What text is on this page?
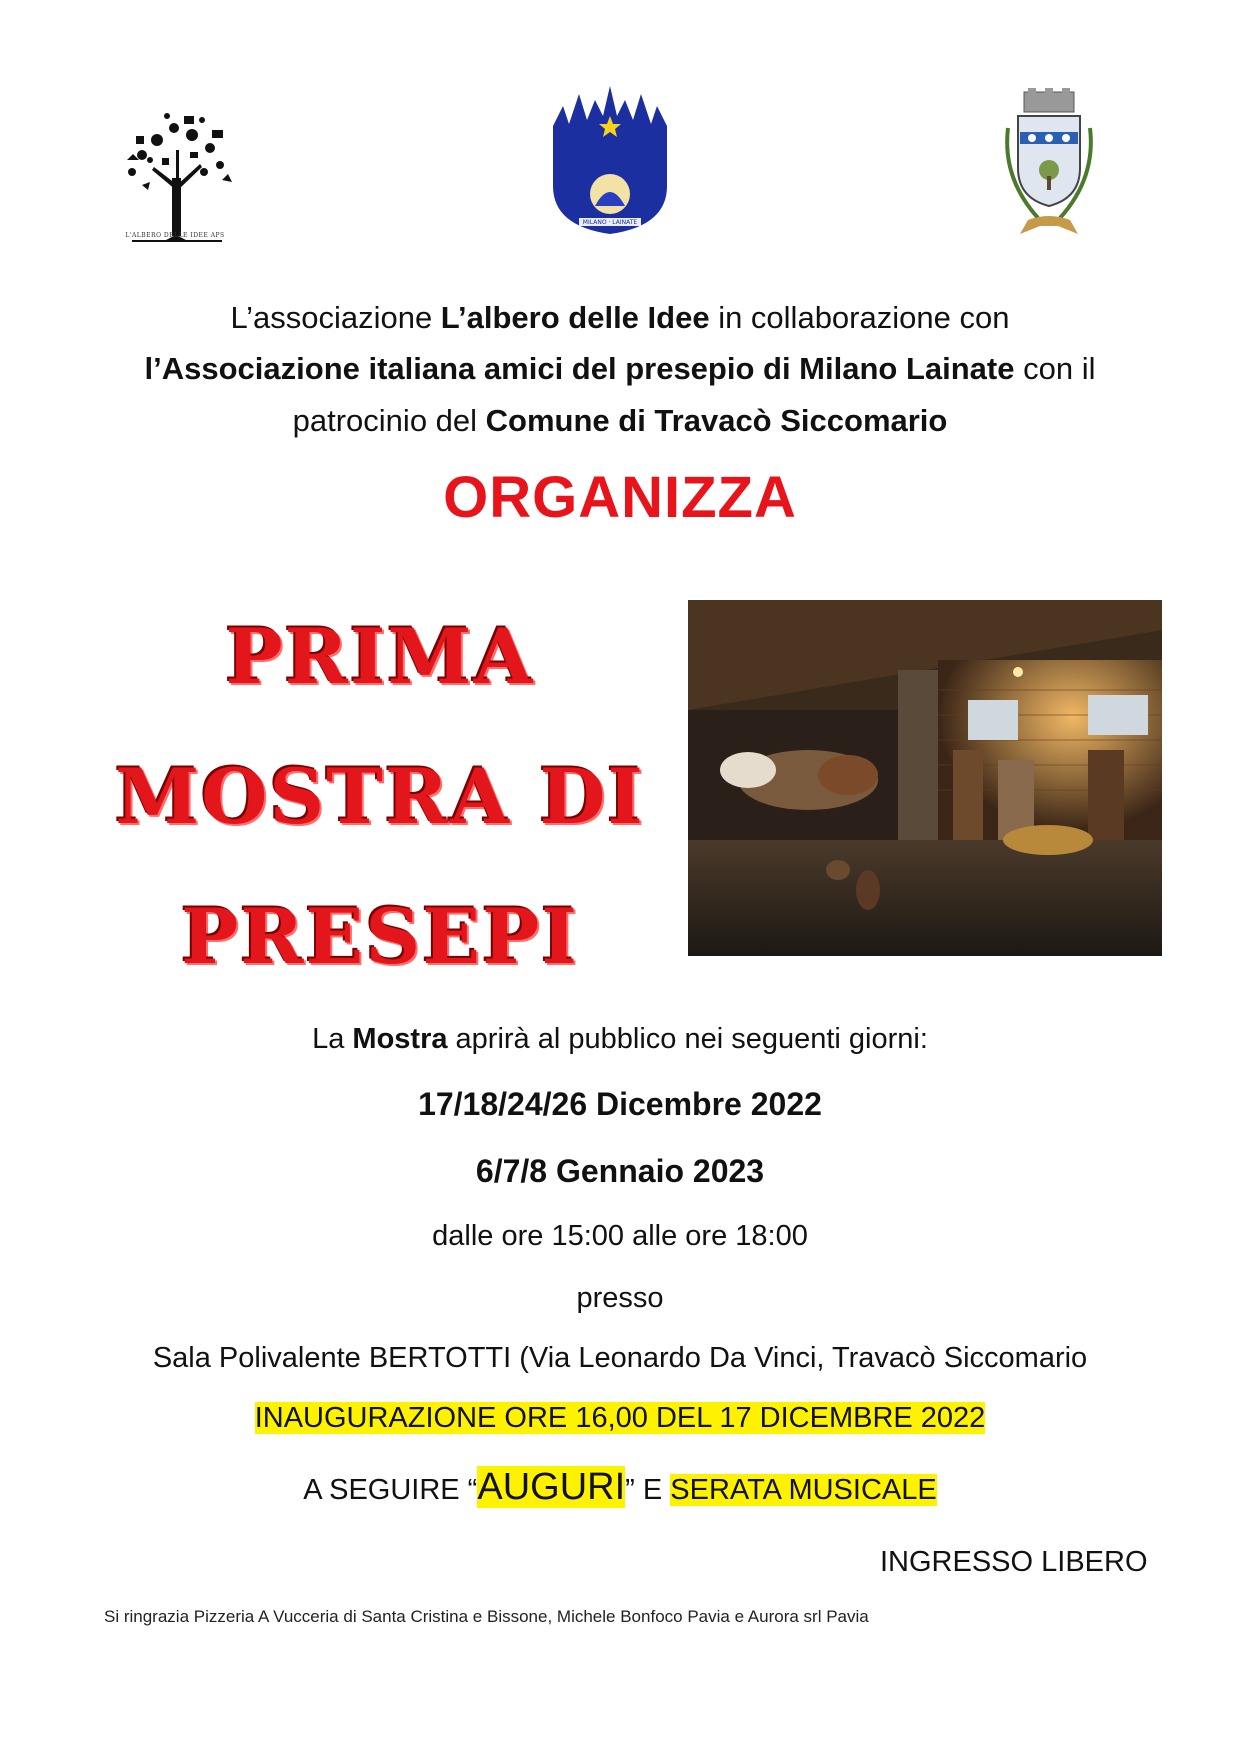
L'ALBERO DELLE IDEE APS
MILANO · LAINATE
L’associazione L’albero delle Idee in collaborazione con
l’Associazione italiana amici del presepio di Milano Lainate con il
patrocinio del Comune di Travacò Siccomario
ORGANIZZA
PRIMA
MOSTRA DI
PRESEPI
La Mostra aprirà al pubblico nei seguenti giorni:
17/18/24/26 Dicembre 2022
6/7/8 Gennaio 2023
dalle ore 15:00 alle ore 18:00
presso
Sala Polivalente BERTOTTI (Via Leonardo Da Vinci, Travacò Siccomario
INAUGURAZIONE ORE 16,00 DEL 17 DICEMBRE 2022
A SEGUIRE “AUGURI” E SERATA MUSICALE
INGRESSO LIBERO
Si ringrazia Pizzeria A Vucceria di Santa Cristina e Bissone, Michele Bonfoco Pavia e Aurora srl Pavia
